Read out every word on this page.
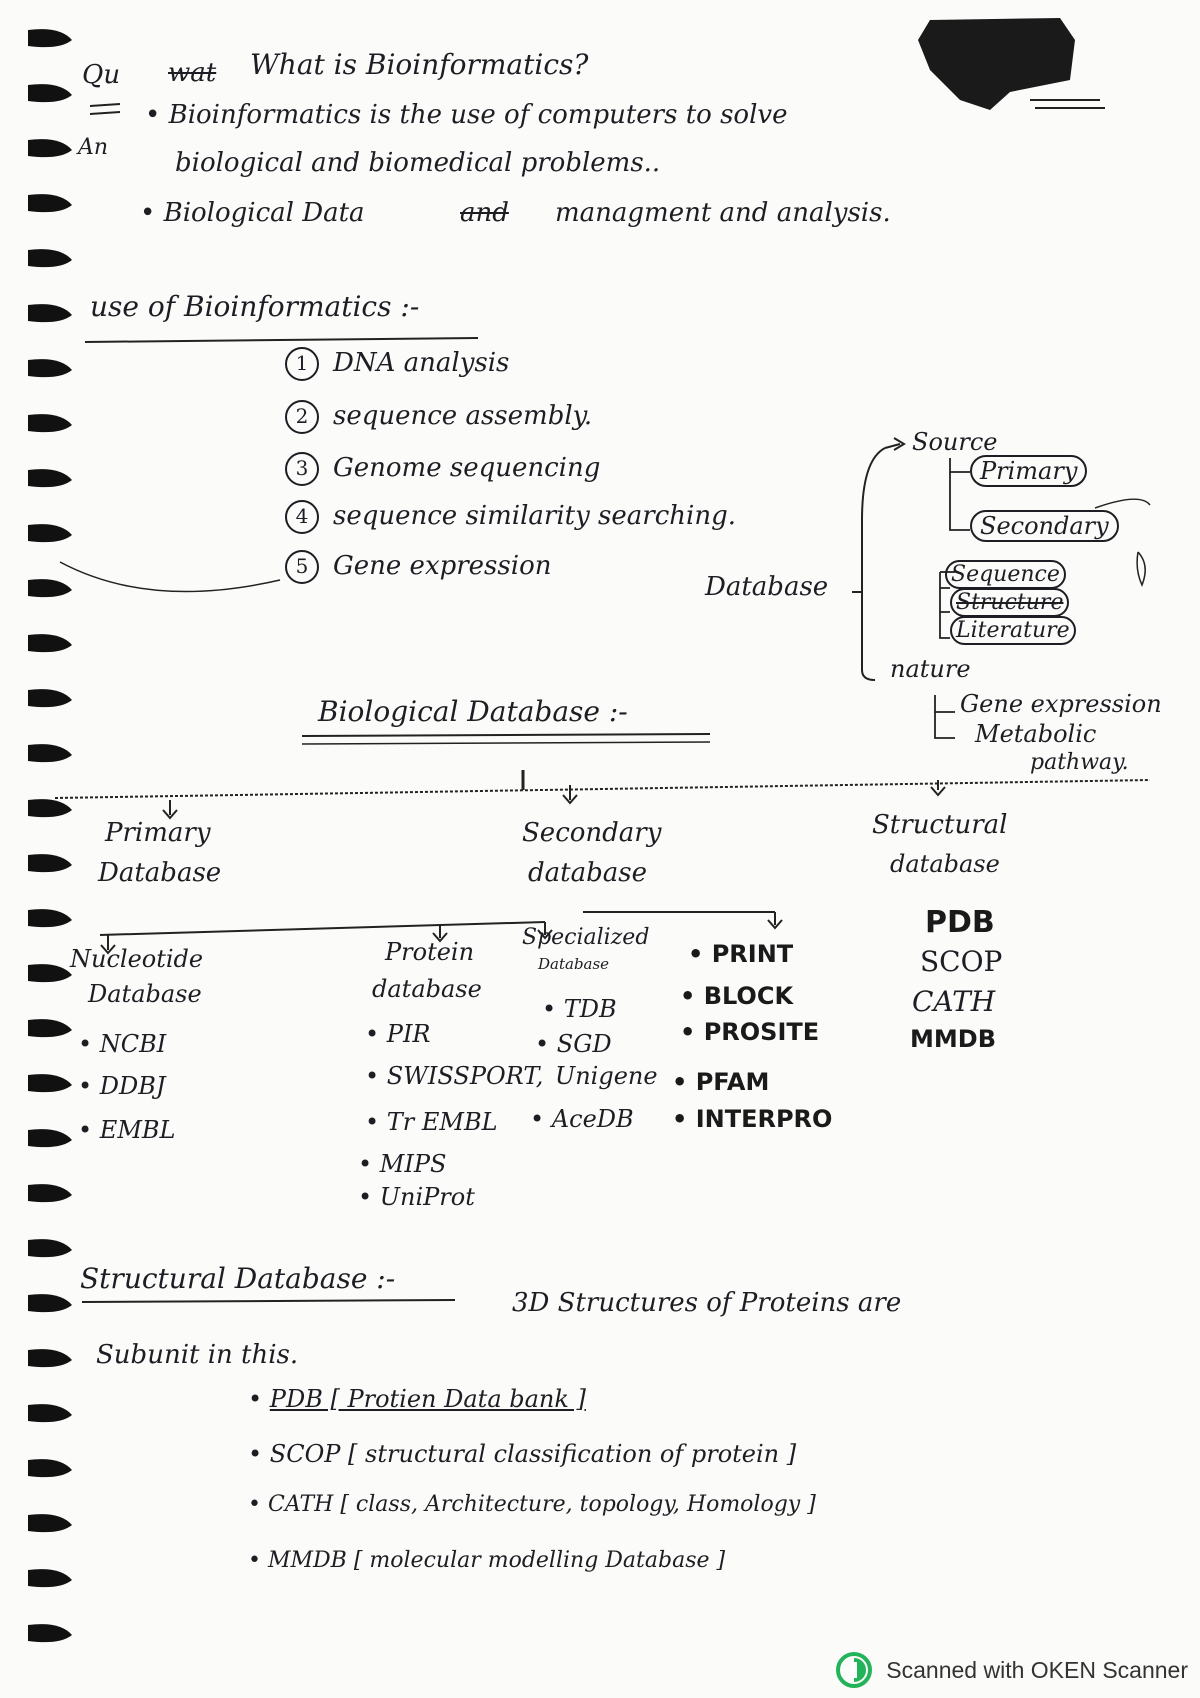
Qu wat What is Bioinformatics?
An
• Bioinformatics is the use of computers to solve
biological and biomedical problems..
• Biological Data	and managment and analysis.
use of Bioinformatics :-
1 DNA analysis
2 sequence assembly.
3 Genome sequencing
4 sequence similarity searching.
5 Gene expression
Database
Source
Primary
Secondary
Sequence
Structure
Literature
nature
Gene expression
Metabolic
pathway.
Biological Database :-
Primary
Database
Secondary
database
Structural
database
Nucleotide
Database
• NCBI
• DDBJ
• EMBL
Protein
database
• PIR
• SWISSPORT,
• Tr EMBL
• MIPS
• UniProt
Specialized
Database
• TDB
• SGD
Unigene
• AceDB
• PRINT
• BLOCK
• PROSITE
• PFAM
• INTERPRO
PDB
SCOP
CATH
MMDB
Structural Database :-
3D Structures of Proteins are
Subunit in this.
• PDB [ Protien Data bank ]
• SCOP [ structural classification of protein ]
• CATH [ class, Architecture, topology, Homology ]
• MMDB [ molecular modelling Database ]
Scanned with OKEN Scanner
